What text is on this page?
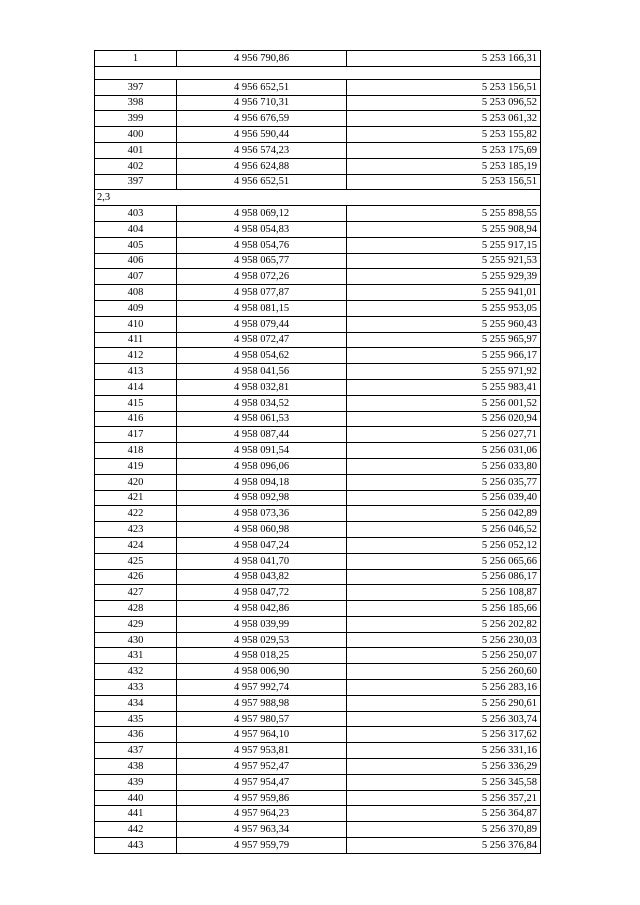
1	4 956 790,86	5 253 166,31

397	4 956 652,51	5 253 156,51
398	4 956 710,31	5 253 096,52
399	4 956 676,59	5 253 061,32
400	4 956 590,44	5 253 155,82
401	4 956 574,23	5 253 175,69
402	4 956 624,88	5 253 185,19
397	4 956 652,51	5 253 156,51
2,3		
403	4 958 069,12	5 255 898,55
404	4 958 054,83	5 255 908,94
405	4 958 054,76	5 255 917,15
406	4 958 065,77	5 255 921,53
407	4 958 072,26	5 255 929,39
408	4 958 077,87	5 255 941,01
409	4 958 081,15	5 255 953,05
410	4 958 079,44	5 255 960,43
411	4 958 072,47	5 255 965,97
412	4 958 054,62	5 255 966,17
413	4 958 041,56	5 255 971,92
414	4 958 032,81	5 255 983,41
415	4 958 034,52	5 256 001,52
416	4 958 061,53	5 256 020,94
417	4 958 087,44	5 256 027,71
418	4 958 091,54	5 256 031,06
419	4 958 096,06	5 256 033,80
420	4 958 094,18	5 256 035,77
421	4 958 092,98	5 256 039,40
422	4 958 073,36	5 256 042,89
423	4 958 060,98	5 256 046,52
424	4 958 047,24	5 256 052,12
425	4 958 041,70	5 256 065,66
426	4 958 043,82	5 256 086,17
427	4 958 047,72	5 256 108,87
428	4 958 042,86	5 256 185,66
429	4 958 039,99	5 256 202,82
430	4 958 029,53	5 256 230,03
431	4 958 018,25	5 256 250,07
432	4 958 006,90	5 256 260,60
433	4 957 992,74	5 256 283,16
434	4 957 988,98	5 256 290,61
435	4 957 980,57	5 256 303,74
436	4 957 964,10	5 256 317,62
437	4 957 953,81	5 256 331,16
438	4 957 952,47	5 256 336,29
439	4 957 954,47	5 256 345,58
440	4 957 959,86	5 256 357,21
441	4 957 964,23	5 256 364,87
442	4 957 963,34	5 256 370,89
443	4 957 959,79	5 256 376,84
